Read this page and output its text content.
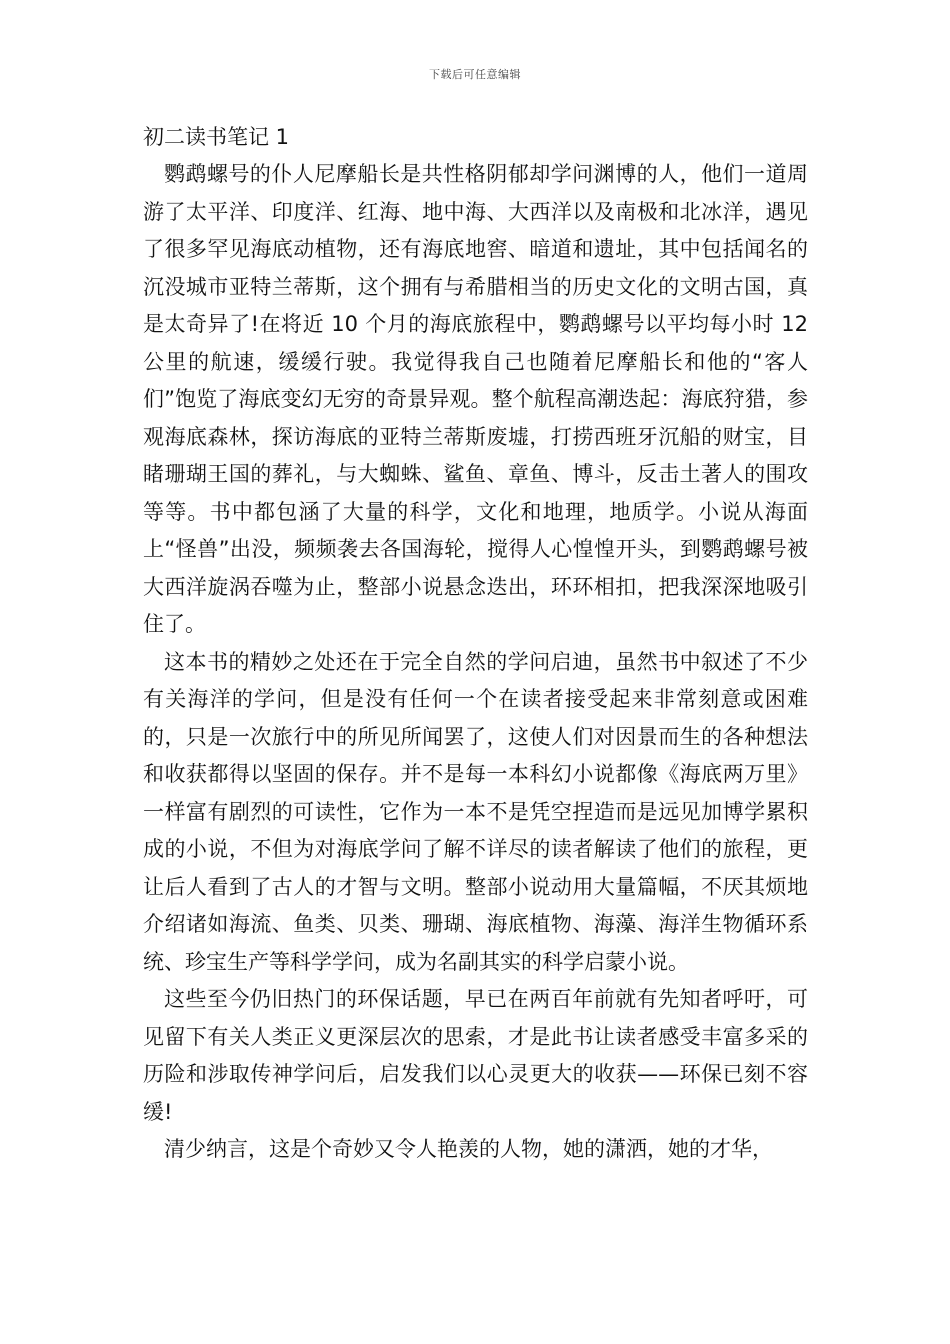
下载后可任意编辑
初二读书笔记 1

鹦鹉螺号的仆人尼摩船长是共性格阴郁却学问渊博的人，他们一道周游了太平洋、印度洋、红海、地中海、大西洋以及南极和北冰洋，遇见了很多罕见海底动植物，还有海底地窖、暗道和遗址，其中包括闻名的沉没城市亚特兰蒂斯，这个拥有与希腊相当的历史文化的文明古国，真是太奇异了!在将近 10 个月的海底旅程中，鹦鹉螺号以平均每小时 12 公里的航速，缓缓行驶。我觉得我自己也随着尼摩船长和他的“客人们”饱览了海底变幻无穷的奇景异观。整个航程高潮迭起：海底狩猎，参观海底森林，探访海底的亚特兰蒂斯废墟，打捞西班牙沉船的财宝，目睹珊瑚王国的葬礼，与大蜘蛛、鲨鱼、章鱼、博斗，反击土著人的围攻等等。书中都包涵了大量的科学，文化和地理，地质学。小说从海面上“怪兽”出没，频频袭去各国海轮，搅得人心惶惶开头，到鹦鹉螺号被大西洋旋涡吞噬为止，整部小说悬念迭出，环环相扣，把我深深地吸引住了。

这本书的精妙之处还在于完全自然的学问启迪，虽然书中叙述了不少有关海洋的学问，但是没有任何一个在读者接受起来非常刻意或困难的，只是一次旅行中的所见所闻罢了，这使人们对因景而生的各种想法和收获都得以坚固的保存。并不是每一本科幻小说都像《海底两万里》一样富有剧烈的可读性，它作为一本不是凭空捏造而是远见加博学累积成的小说，不但为对海底学问了解不详尽的读者解读了他们的旅程，更让后人看到了古人的才智与文明。整部小说动用大量篇幅，不厌其烦地介绍诸如海流、鱼类、贝类、珊瑚、海底植物、海藻、海洋生物循环系统、珍宝生产等科学学问，成为名副其实的科学启蒙小说。

这些至今仍旧热门的环保话题，早已在两百年前就有先知者呼吁，可见留下有关人类正义更深层次的思索，才是此书让读者感受丰富多采的历险和涉取传神学问后，启发我们以心灵更大的收获——环保已刻不容缓!

清少纳言，这是个奇妙又令人艳羡的人物，她的潇洒，她的才华，
